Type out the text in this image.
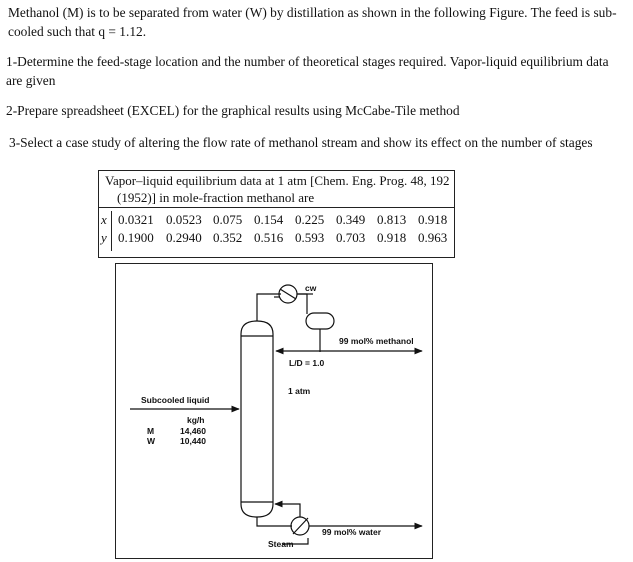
Methanol (M) is to be separated from water (W) by distillation as shown in the following Figure. The feed is sub-cooled such that q = 1.12.

1-Determine the feed-stage location and the number of theoretical stages required. Vapor-liquid equilibrium data are given

2-Prepare spreadsheet (EXCEL) for the graphical results using McCabe-Tile method

3-Select a case study of altering the flow rate of methanol stream and show its effect on the number of stages

Vapor–liquid equilibrium data at 1 atm [Chem. Eng. Prog. 48, 192 (1952)] in mole-fraction methanol are
x 0.0321 0.0523 0.075 0.154 0.225 0.349 0.813 0.918
y 0.1900 0.2940 0.352 0.516 0.593 0.703 0.918 0.963
cw
99 mol% methanol
L/D = 1.0
1 atm
Subcooled liquid
kg/h
M	14,460
W	10,440
99 mol% water
Steam
